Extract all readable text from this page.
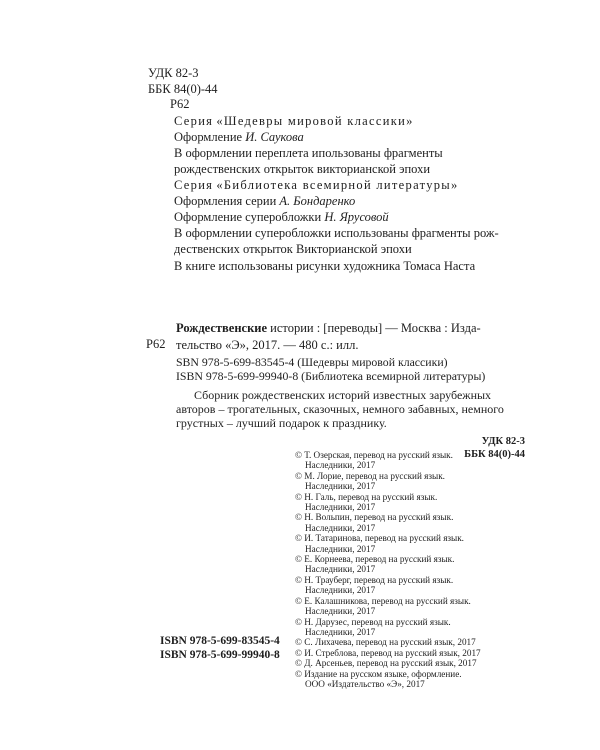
УДК 82-3
ББК 84(0)-44
Р62
Серия «Шедевры мировой классики»
Оформление И. Саукова
В оформлении переплета ипользованы фрагменты
рождественских открыток викторианской эпохи
Серия «Библиотека всемирной литературы»
Оформления серии А. Бондаренко
Оформление суперобложки Н. Ярусовой
В оформлении суперобложки использованы фрагменты рож-
дественских открыток Викторианской эпохи
В книге использованы рисунки художника Томаса Наста
Р62
Рождественские истории : [переводы] — Москва : Изда-
тельство «Э», 2017. — 480 с.: илл.
SBN 978-5-699-83545-4 (Шедевры мировой классики)
ISBN 978-5-699-99940-8 (Библиотека всемирной литературы)
Сборник рождественских историй известных зарубежных
авторов – трогательных, сказочных, немного забавных, немного
грустных – лучший подарок к празднику.
УДК 82-3
ББК 84(0)-44
© Т. Озерская, перевод на русский язык.
Наследники, 2017
© М. Лорие, перевод на русский язык.
Наследники, 2017
© Н. Галь, перевод на русский язык.
Наследники, 2017
© Н. Вольпин, перевод на русский язык.
Наследники, 2017
© И. Татаринова, перевод на русский язык.
Наследники, 2017
© Е. Корнеева, перевод на русский язык.
Наследники, 2017
© Н. Трауберг, перевод на русский язык.
Наследники, 2017
© Е. Калашникова, перевод на русский язык.
Наследники, 2017
© Н. Дарузес, перевод на русский язык.
Наследники, 2017
© С. Лихачева, перевод на русский язык, 2017
© И. Стреблова, перевод на русский язык, 2017
© Д. Арсеньев, перевод на русский язык, 2017
© Издание на русском языке, оформление.
ООО «Издательство «Э», 2017
ISBN 978-5-699-83545-4
ISBN 978-5-699-99940-8
